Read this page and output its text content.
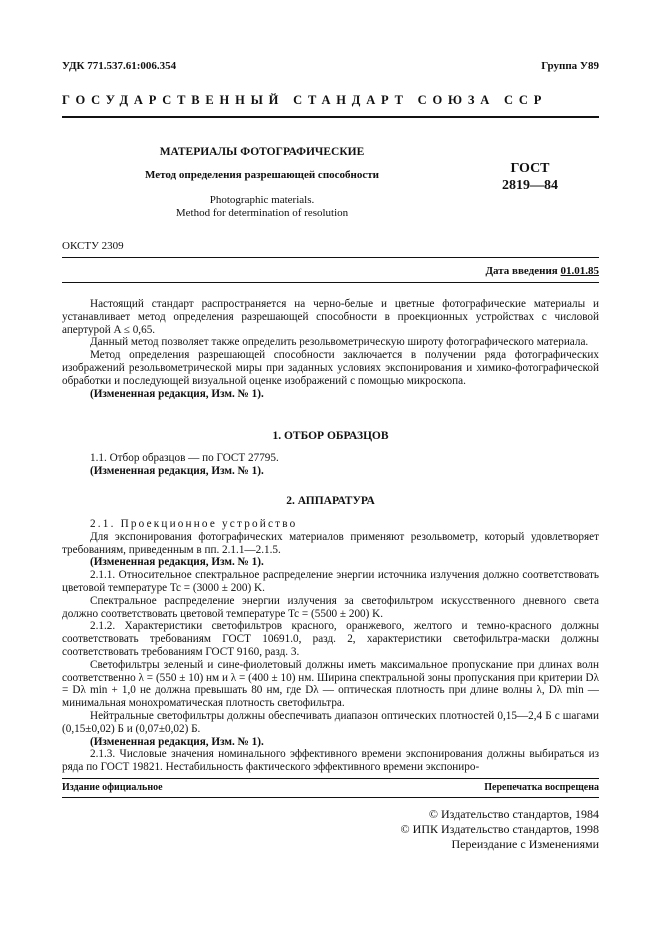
УДК 771.537.61:006.354	Группа У89
ГОСУДАРСТВЕННЫЙ СТАНДАРТ СОЮЗА ССР
МАТЕРИАЛЫ ФОТОГРАФИЧЕСКИЕ
Метод определения разрешающей способности
Photographic materials.
Method for determination of resolution
ГОСТ
2819—84
ОКСТУ 2309
Дата введения 01.01.85

Настоящий стандарт распространяется на черно-белые и цветные фотографические материалы и устанавливает метод определения разрешающей способности в проекционных устройствах с числовой апертурой A ≤ 0,65.

Данный метод позволяет также определить резольвометрическую широту фотографического материала.

Метод определения разрешающей способности заключается в получении ряда фотографических изображений резольвометрической миры при заданных условиях экспонирования и химико-фотографической обработки и последующей визуальной оценке изображений с помощью микроскопа.

(Измененная редакция, Изм. № 1).

1. ОТБОР ОБРАЗЦОВ

1.1. Отбор образцов — по ГОСТ 27795.

(Измененная редакция, Изм. № 1).

2. АППАРАТУРА

2.1. Проекционное устройство

Для экспонирования фотографических материалов применяют резольвометр, который удовлетворяет требованиям, приведенным в пп. 2.1.1—2.1.5.

(Измененная редакция, Изм. № 1).

2.1.1. Относительное спектральное распределение энергии источника излучения должно соответствовать цветовой температуре Tc = (3000 ± 200) K.

Спектральное распределение энергии излучения за светофильтром искусственного дневного света должно соответствовать цветовой температуре Tc = (5500 ± 200) K.

2.1.2. Характеристики светофильтров красного, оранжевого, желтого и темно-красного должны соответствовать требованиям ГОСТ 10691.0, разд. 2, характеристики светофильтра-маски должны соответствовать требованиям ГОСТ 9160, разд. 3.

Светофильтры зеленый и сине-фиолетовый должны иметь максимальное пропускание при длинах волн соответственно λ = (550 ± 10) нм и λ = (400 ± 10) нм. Ширина спектральной зоны пропускания при критерии Dλ = Dλ min + 1,0 не должна превышать 80 нм, где Dλ — оптическая плотность при длине волны λ, Dλ min — минимальная монохроматическая плотность светофильтра.

Нейтральные светофильтры должны обеспечивать диапазон оптических плотностей 0,15—2,4 Б с шагами (0,15±0,02) Б и (0,07±0,02) Б.

(Измененная редакция, Изм. № 1).

2.1.3. Числовые значения номинального эффективного времени экспонирования должны выбираться из ряда по ГОСТ 19821. Нестабильность фактического эффективного времени экспониро-

Издание официальное	Перепечатка воспрещена
© Издательство стандартов, 1984
© ИПК Издательство стандартов, 1998
Переиздание с Изменениями
